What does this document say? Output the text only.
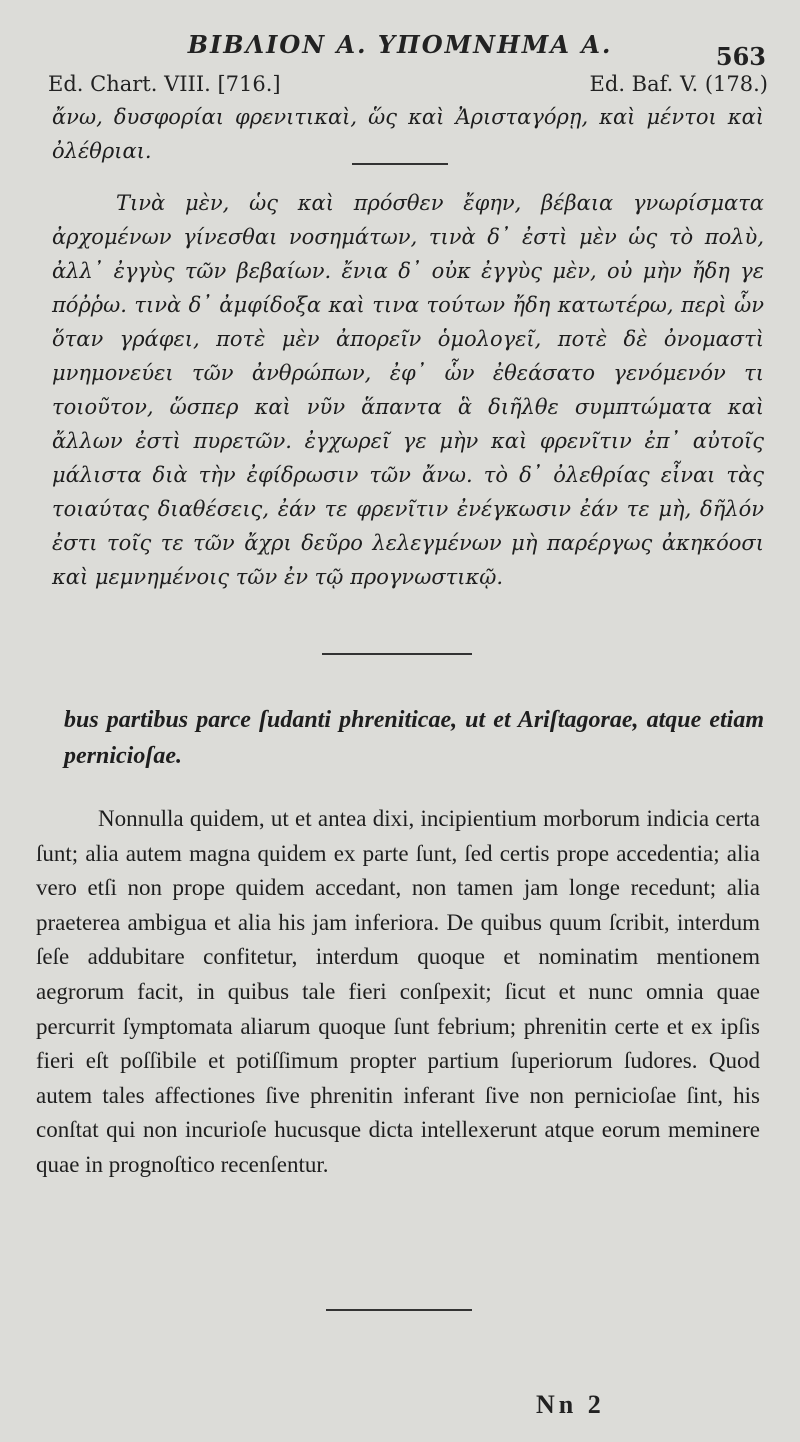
ΒΙΒΛΙΟΝ Α. ΥΠΟΜΝΗΜΑ Α.	563
Ed. Chart. VIII. [716.]	Ed. Baf. V. (178.)
ἄνω, δυσφορίαι φρενιτικαὶ, ὥς καὶ Ἀρισταγόρῃ, καὶ μέντοι καὶ ὀλέθριαι.
Τινὰ μὲν, ὡς καὶ πρόσθεν ἔφην, βέβαια γνωρίσματα ἀρχομένων γίνεσθαι νοσημάτων, τινὰ δ᾽ ἐστὶ μὲν ὡς τὸ πολὺ, ἀλλ᾽ ἐγγὺς τῶν βεβαίων. ἔνια δ᾽ οὐκ ἐγγὺς μὲν, οὐ μὴν ἤδη γε πόῤῥω. τινὰ δ᾽ ἀμφίδοξα καὶ τινα τούτων ἤδη κατωτέρω, περὶ ὧν ὅταν γράφει, ποτὲ μὲν ἀπορεῖν ὁμολογεῖ, ποτὲ δὲ ὀνομαστὶ μνημονεύει τῶν ἀνθρώπων, ἐφ᾽ ὧν ἐθεάσατο γενόμενόν τι τοιοῦτον, ὥσπερ καὶ νῦν ἅπαντα ἃ διῆλθε συμπτώματα καὶ ἄλλων ἐστὶ πυρετῶν. ἐγχωρεῖ γε μὴν καὶ φρενῖτιν ἐπ᾽ αὐτοῖς μάλιστα διὰ τὴν ἐφίδρωσιν τῶν ἄνω. τὸ δ᾽ ὀλεθρίας εἶναι τὰς τοιαύτας διαθέσεις, ἐάν τε φρενῖτιν ἐνέγκωσιν ἐάν τε μὴ, δῆλόν ἐστι τοῖς τε τῶν ἄχρι δεῦρο λελεγμένων μὴ παρέργως ἀκηκόοσι καὶ μεμνημένοις τῶν ἐν τῷ προγνωστικῷ.
bus partibus parce ſudanti phreniticae, ut et Ariſtagorae, atque etiam pernicioſae.
Nonnulla quidem, ut et antea dixi, incipientium morborum indicia certa ſunt; alia autem magna quidem ex parte ſunt, ſed certis prope accedentia; alia vero etſi non prope quidem accedant, non tamen jam longe recedunt; alia praeterea ambigua et alia his jam inferiora. De quibus quum ſcribit, interdum ſeſe addubitare confitetur, interdum quoque et nominatim mentionem aegrorum facit, in quibus tale fieri conſpexit; ſicut et nunc omnia quae percurrit ſymptomata aliarum quoque ſunt febrium; phrenitin certe et ex ipſis fieri eſt poſſibile et potiſſimum propter partium ſuperiorum ſudores. Quod autem tales affectiones ſive phrenitin inferant ſive non pernicioſae ſint, his conſtat qui non incurioſe hucusque dicta intellexerunt atque eorum meminere quae in prognoſtico recenſentur.
Nn 2
